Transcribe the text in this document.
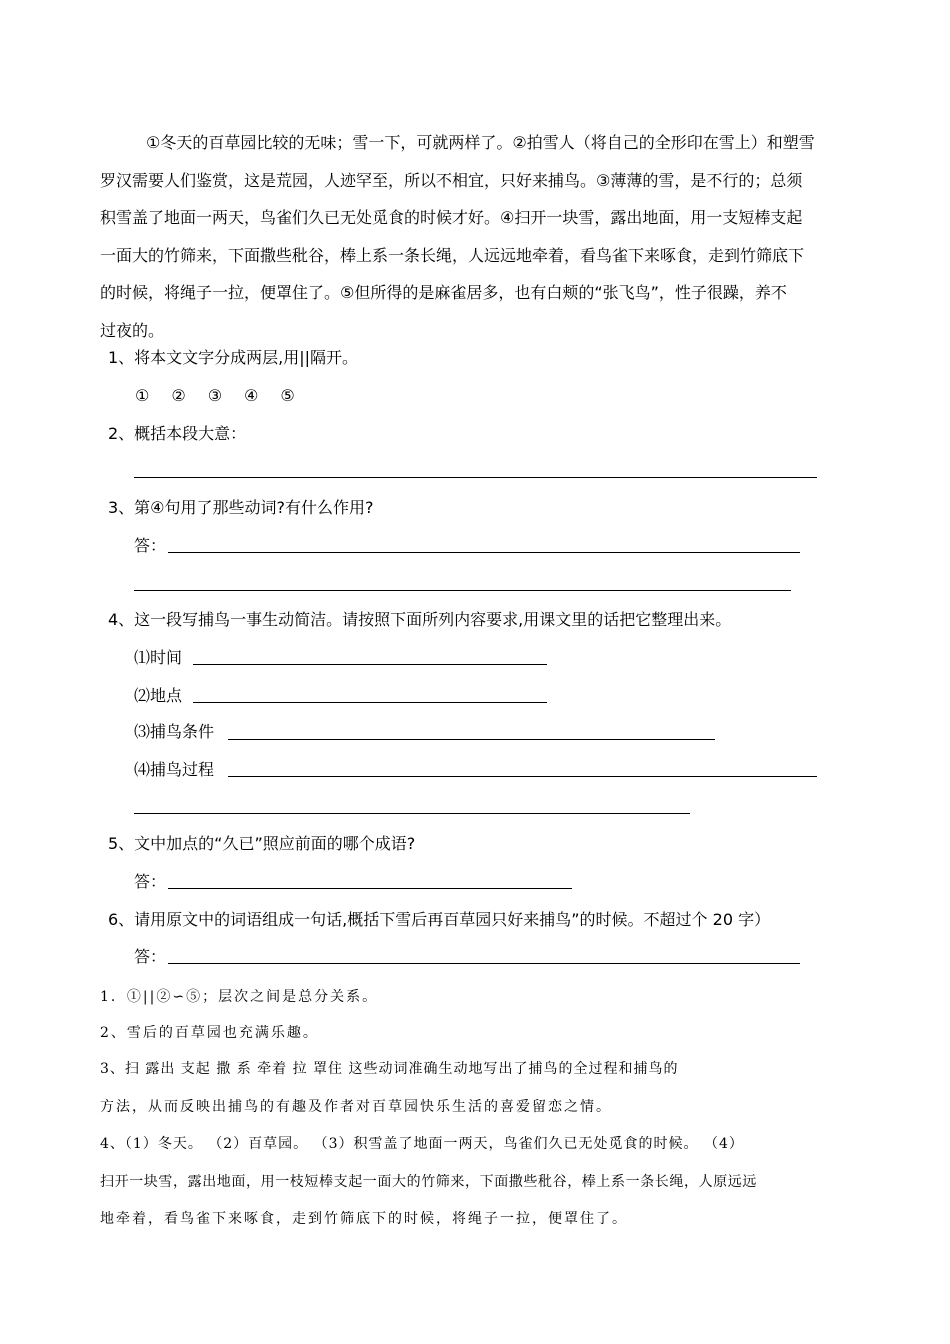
①冬天的百草园比较的无味；雪一下，可就两样了。②拍雪人（将自己的全形印在雪上）和塑雪
罗汉需要人们鉴赏，这是荒园，人迹罕至，所以不相宜，只好来捕鸟。③薄薄的雪，是不行的；总须
积雪盖了地面一两天，鸟雀们久已无处觅食的时候才好。④扫开一块雪，露出地面，用一支短棒支起
一面大的竹筛来，下面撒些秕谷，棒上系一条长绳，人远远地牵着，看鸟雀下来啄食，走到竹筛底下
的时候，将绳子一拉，便罩住了。⑤但所得的是麻雀居多，也有白颊的“张飞鸟”，性子很躁，养不
过夜的。
1、将本文文字分成两层,用||隔开。
① ② ③ ④ ⑤
2、概括本段大意：
3、第④句用了那些动词?有什么作用?
答：
4、这一段写捕鸟一事生动简洁。请按照下面所列内容要求,用课文里的话把它整理出来。
⑴时间
⑵地点
⑶捕鸟条件
⑷捕鸟过程
5、文中加点的“久已”照应前面的哪个成语?
答：
6、请用原文中的词语组成一句话,概括下雪后再百草园只好来捕鸟”的时候。不超过个 20 字）
答：
1．①||②∽⑤；层次之间是总分关系。
2、雪后的百草园也充满乐趣。
3、扫 露出 支起 撒 系 牵着 拉 罩住 这些动词准确生动地写出了捕鸟的全过程和捕鸟的
方法，从而反映出捕鸟的有趣及作者对百草园快乐生活的喜爱留恋之情。
4、（1）冬天。 （2）百草园。 （3）积雪盖了地面一两天，鸟雀们久已无处觅食的时候。 （4）
扫开一块雪，露出地面，用一枝短棒支起一面大的竹筛来，下面撒些秕谷，棒上系一条长绳，人原远远
地牵着，看鸟雀下来啄食，走到竹筛底下的时候，将绳子一拉，便罩住了。
